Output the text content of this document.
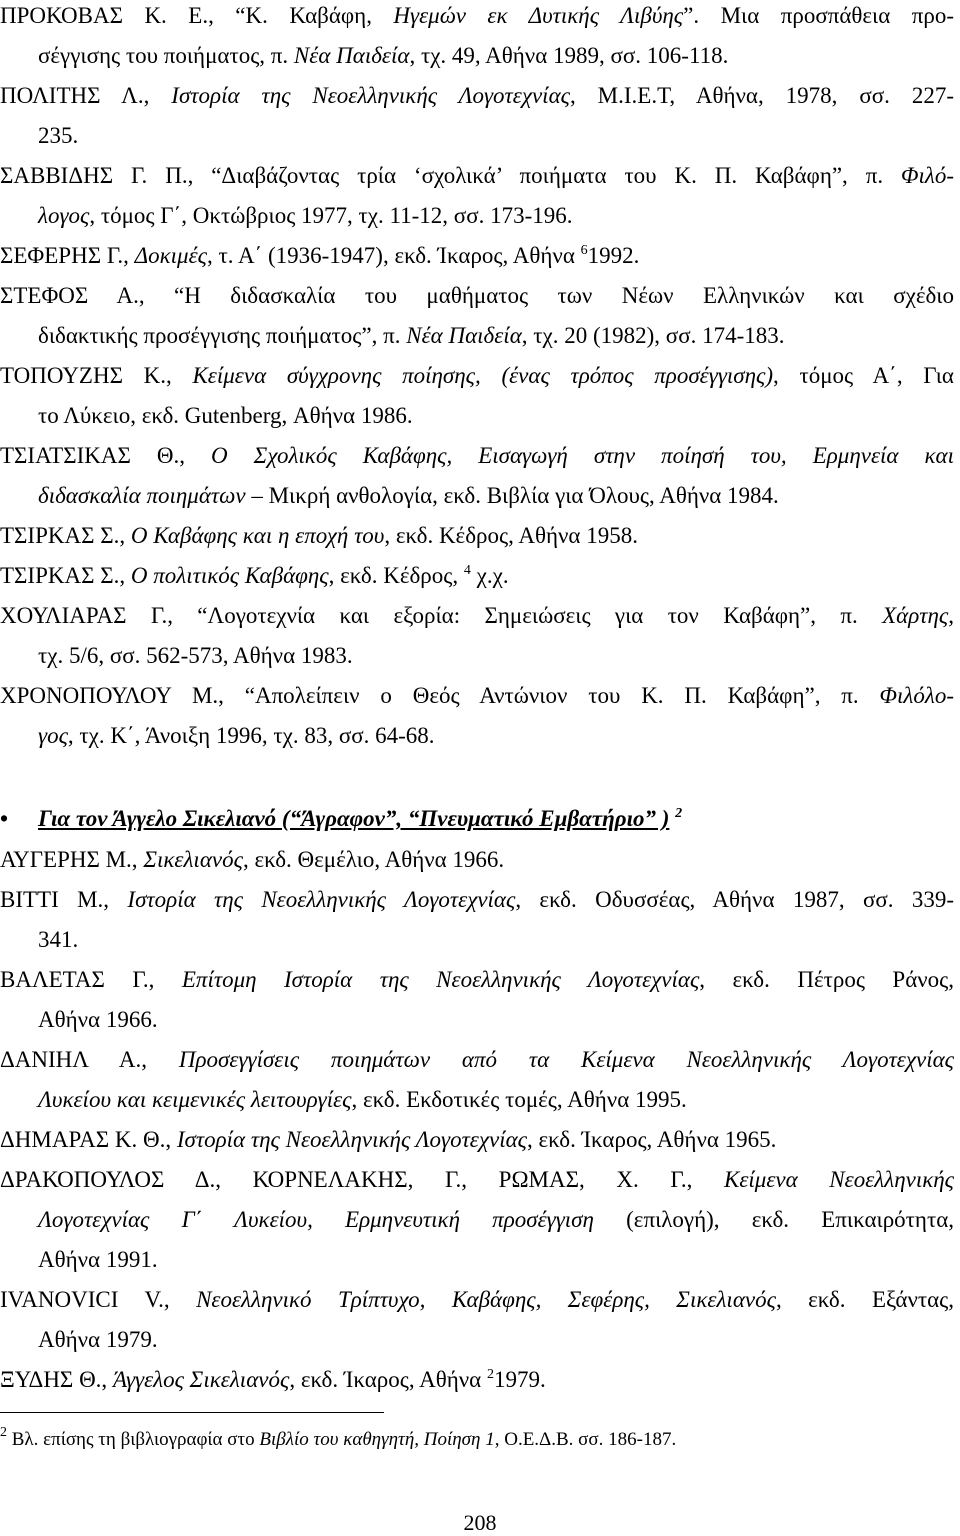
ΠΡΟΚΟΒΑΣ Κ. Ε., “Κ. Καβάφη, Ηγεμών εκ Δυτικής Λιβύης”. Μια προσπάθεια προ-
σέγγισης του ποιήματος, π. Νέα Παιδεία, τχ. 49, Αθήνα 1989, σσ. 106-118.
ΠΟΛΙΤΗΣ Λ., Ιστορία της Νεοελληνικής Λογοτεχνίας, Μ.Ι.Ε.Τ, Αθήνα, 1978, σσ. 227-
235.
ΣΑΒΒΙΔΗΣ Γ. Π., “Διαβάζοντας τρία ‘σχολικά’ ποιήματα του Κ. Π. Καβάφη”, π. Φιλό-
λογος, τόμος Γ΄, Οκτώβριος 1977, τχ. 11-12, σσ. 173-196.
ΣΕΦΕΡΗΣ Γ., Δοκιμές, τ. Α΄ (1936-1947), εκδ. Ίκαρος, Αθήνα $^6$1992.
ΣΤΕΦΟΣ Α., “Η διδασκαλία του μαθήματος των Νέων Ελληνικών και σχέδιο
διδακτικής προσέγγισης ποιήματος”, π. Νέα Παιδεία, τχ. 20 (1982), σσ. 174-183.
ΤΟΠΟΥΖΗΣ Κ., Κείμενα σύγχρονης ποίησης, (ένας τρόπος προσέγγισης), τόμος Α΄, Για
το Λύκειο, εκδ. Gutenberg, Αθήνα 1986.
ΤΣΙΑΤΣΙΚΑΣ Θ., Ο Σχολικός Καβάφης, Εισαγωγή στην ποίησή του, Ερμηνεία και
διδασκαλία ποιημάτων – Μικρή ανθολογία, εκδ. Βιβλία για Όλους, Αθήνα 1984.
ΤΣΙΡΚΑΣ Σ., Ο Καβάφης και η εποχή του, εκδ. Κέδρος, Αθήνα 1958.
ΤΣΙΡΚΑΣ Σ., Ο πολιτικός Καβάφης, εκδ. Κέδρος, $^4$ χ.χ.
ΧΟΥΛΙΑΡΑΣ Γ., “Λογοτεχνία και εξορία: Σημειώσεις για τον Καβάφη”, π. Χάρτης,
τχ. 5/6, σσ. 562-573, Αθήνα 1983.
ΧΡΟΝΟΠΟΥΛΟΥ Μ., “Απολείπειν ο Θεός Αντώνιον του Κ. Π. Καβάφη”, π. Φιλόλο-
γος, τχ. Κ΄, Άνοιξη 1996, τχ. 83, σσ. 64-68.
• Για τον Άγγελο Σικελιανό (“Άγραφον”, “Πνευματικό Εμβατήριο” ) $^2$
ΑΥΓΕΡΗΣ Μ., Σικελιανός, εκδ. Θεμέλιο, Αθήνα 1966.
ΒΙΤΤΙ Μ., Ιστορία της Νεοελληνικής Λογοτεχνίας, εκδ. Οδυσσέας, Αθήνα 1987, σσ. 339-
341.
ΒΑΛΕΤΑΣ Γ., Επίτομη Ιστορία της Νεοελληνικής Λογοτεχνίας, εκδ. Πέτρος Ράνος,
Αθήνα 1966.
ΔΑΝΙΗΛ Α., Προσεγγίσεις ποιημάτων από τα Κείμενα Νεοελληνικής Λογοτεχνίας
Λυκείου και κειμενικές λειτουργίες, εκδ. Εκδοτικές τομές, Αθήνα 1995.
ΔΗΜΑΡΑΣ Κ. Θ., Ιστορία της Νεοελληνικής Λογοτεχνίας, εκδ. Ίκαρος, Αθήνα 1965.
ΔΡΑΚΟΠΟΥΛΟΣ Δ., ΚΟΡΝΕΛΑΚΗΣ, Γ., ΡΩΜΑΣ, Χ. Γ., Κείμενα Νεοελληνικής
Λογοτεχνίας Γ΄ Λυκείου, Ερμηνευτική προσέγγιση (επιλογή), εκδ. Επικαιρότητα,
Αθήνα 1991.
IVANOVICI V., Νεοελληνικό Τρίπτυχο, Καβάφης, Σεφέρης, Σικελιανός, εκδ. Εξάντας,
Αθήνα 1979.
ΞΥΔΗΣ Θ., Άγγελος Σικελιανός, εκδ. Ίκαρος, Αθήνα $^2$1979.
$^2$ Βλ. επίσης τη βιβλιογραφία στο Βιβλίο του καθηγητή, Ποίηση 1, Ο.Ε.Δ.Β. σσ. 186-187.
208
